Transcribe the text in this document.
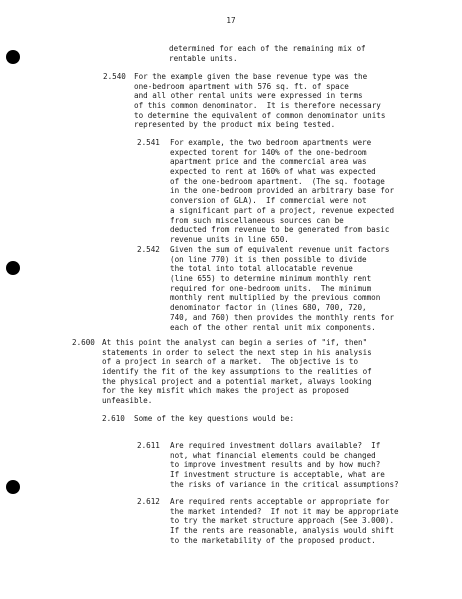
17
determined for each of the remaining mix of
rentable units.
2.540 For the example given the base revenue type was the
one-bedroom apartment with 576 sq. ft. of space
and all other rental units were expressed in terms
of this common denominator.  It is therefore necessary
to determine the equivalent of common denominator units
represented by the product mix being tested.
2.541 For example, the two bedroom apartments were
expected torent for 140% of the one-bedroom
apartment price and the commercial area was
expected to rent at 160% of what was expected
of the one-bedroom apartment.  (The sq. footage
in the one-bedroom provided an arbitrary base for
conversion of GLA).  If commercial were not
a significant part of a project, revenue expected
from such miscellaneous sources can be
deducted from revenue to be generated from basic
revenue units in line 650.
2.542 Given the sum of equivalent revenue unit factors
(on line 770) it is then possible to divide
the total into total allocatable revenue
(line 655) to determine minimum monthly rent
required for one-bedroom units.  The minimum
monthly rent multiplied by the previous common
denominator factor in (lines 680, 700, 720,
740, and 760) then provides the monthly rents for
each of the other rental unit mix components.
2.600 At this point the analyst can begin a series of "if, then"
statements in order to select the next step in his analysis
of a project in search of a market.  The objective is to
identify the fit of the key assumptions to the realities of
the physical project and a potential market, always looking
for the key misfit which makes the project as proposed
unfeasible.
2.610 Some of the key questions would be:
2.611 Are required investment dollars available?  If
not, what financial elements could be changed
to improve investment results and by how much?
If investment structure is acceptable, what are
the risks of variance in the critical assumptions?
2.612 Are required rents acceptable or appropriate for
the market intended?  If not it may be appropriate
to try the market structure approach (See 3.000).
If the rents are reasonable, analysis would shift
to the marketability of the proposed product.
